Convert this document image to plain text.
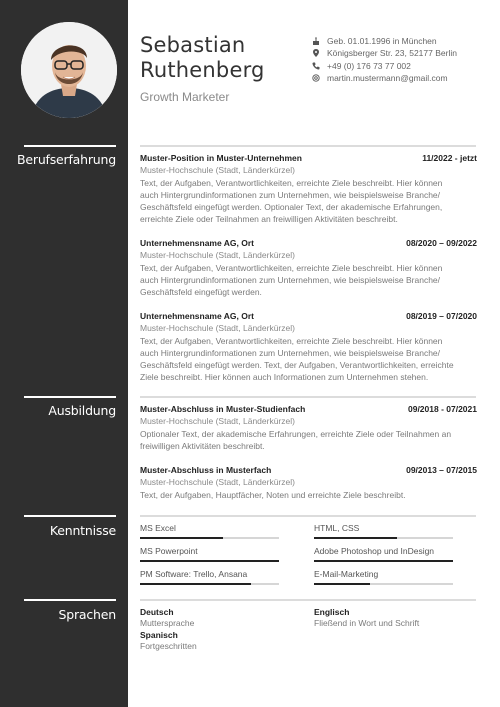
Sebastian
Ruthenberg
Growth Marketer
Geb. 01.01.1996 in München
Königsberger Str. 23, 52177 Berlin
+49 (0) 176 73 77 002
martin.mustermann@gmail.com
Berufserfahrung	Muster-Position in Muster-Unternehmen	11/2022 - jetzt
Muster-Hochschule (Stadt, Länderkürzel)
Text, der Aufgaben, Verantwortlichkeiten, erreichte Ziele beschreibt. Hier können
auch Hintergrundinformationen zum Unternehmen, wie beispielsweise Branche/
Geschäftsfeld eingefügt werden. Optionaler Text, der akademische Erfahrungen,
erreichte Ziele oder Teilnahmen an freiwilligen Aktivitäten beschreibt.
Unternehmensname AG, Ort	08/2020 – 09/2022
Muster-Hochschule (Stadt, Länderkürzel)
Text, der Aufgaben, Verantwortlichkeiten, erreichte Ziele beschreibt. Hier können
auch Hintergrundinformationen zum Unternehmen, wie beispielsweise Branche/
Geschäftsfeld eingefügt werden.
Unternehmensname AG, Ort	08/2019 – 07/2020
Muster-Hochschule (Stadt, Länderkürzel)
Text, der Aufgaben, Verantwortlichkeiten, erreichte Ziele beschreibt. Hier können
auch Hintergrundinformationen zum Unternehmen, wie beispielsweise Branche/
Geschäftsfeld eingefügt werden. Text, der Aufgaben, Verantwortlichkeiten, erreichte
Ziele beschreibt. Hier können auch Informationen zum Unternehmen stehen.
Ausbildung	Muster-Abschluss in Muster-Studienfach	09/2018 - 07/2021
Muster-Hochschule (Stadt, Länderkürzel)
Optionaler Text, der akademische Erfahrungen, erreichte Ziele oder Teilnahmen an
freiwilligen Aktivitäten beschreibt.
Muster-Abschluss in Musterfach	09/2013 – 07/2015
Muster-Hochschule (Stadt, Länderkürzel)
Text, der Aufgaben, Hauptfächer, Noten und erreichte Ziele beschreibt.
Kenntnisse	MS Excel	HTML, CSS
MS Powerpoint	Adobe Photoshop und InDesign
PM Software: Trello, Ansana	E-Mail-Marketing
Sprachen	Deutsch
Muttersprache
Spanisch
Fortgeschritten
Englisch
Fließend in Wort und Schrift
